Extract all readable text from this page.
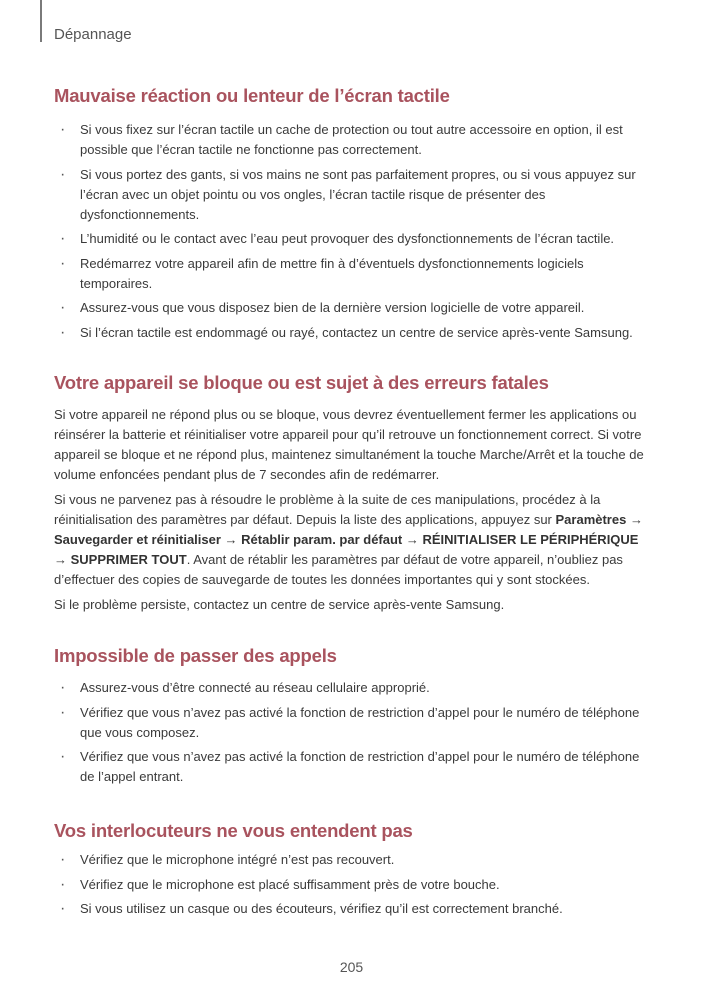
Dépannage
Mauvaise réaction ou lenteur de l’écran tactile
· Si vous fixez sur l’écran tactile un cache de protection ou tout autre accessoire en option, il est possible que l’écran tactile ne fonctionne pas correctement.
· Si vous portez des gants, si vos mains ne sont pas parfaitement propres, ou si vous appuyez sur l’écran avec un objet pointu ou vos ongles, l’écran tactile risque de présenter des dysfonctionnements.
· L’humidité ou le contact avec l’eau peut provoquer des dysfonctionnements de l’écran tactile.
· Redémarrez votre appareil afin de mettre fin à d’éventuels dysfonctionnements logiciels temporaires.
· Assurez-vous que vous disposez bien de la dernière version logicielle de votre appareil.
· Si l’écran tactile est endommagé ou rayé, contactez un centre de service après-vente Samsung.
Votre appareil se bloque ou est sujet à des erreurs fatales

Si votre appareil ne répond plus ou se bloque, vous devrez éventuellement fermer les applications ou réinsérer la batterie et réinitialiser votre appareil pour qu’il retrouve un fonctionnement correct. Si votre appareil se bloque et ne répond plus, maintenez simultanément la touche Marche/Arrêt et la touche de volume enfoncées pendant plus de 7 secondes afin de redémarrer.

Si vous ne parvenez pas à résoudre le problème à la suite de ces manipulations, procédez à la réinitialisation des paramètres par défaut. Depuis la liste des applications, appuyez sur Paramètres → Sauvegarder et réinitialiser → Rétablir param. par défaut → RÉINITIALISER LE PÉRIPHÉRIQUE → SUPPRIMER TOUT. Avant de rétablir les paramètres par défaut de votre appareil, n’oubliez pas d’effectuer des copies de sauvegarde de toutes les données importantes qui y sont stockées.

Si le problème persiste, contactez un centre de service après-vente Samsung.

Impossible de passer des appels
· Assurez-vous d’être connecté au réseau cellulaire approprié.
· Vérifiez que vous n’avez pas activé la fonction de restriction d’appel pour le numéro de téléphone que vous composez.
· Vérifiez que vous n’avez pas activé la fonction de restriction d’appel pour le numéro de téléphone de l’appel entrant.
Vos interlocuteurs ne vous entendent pas
· Vérifiez que le microphone intégré n’est pas recouvert.
· Vérifiez que le microphone est placé suffisamment près de votre bouche.
· Si vous utilisez un casque ou des écouteurs, vérifiez qu’il est correctement branché.
205
